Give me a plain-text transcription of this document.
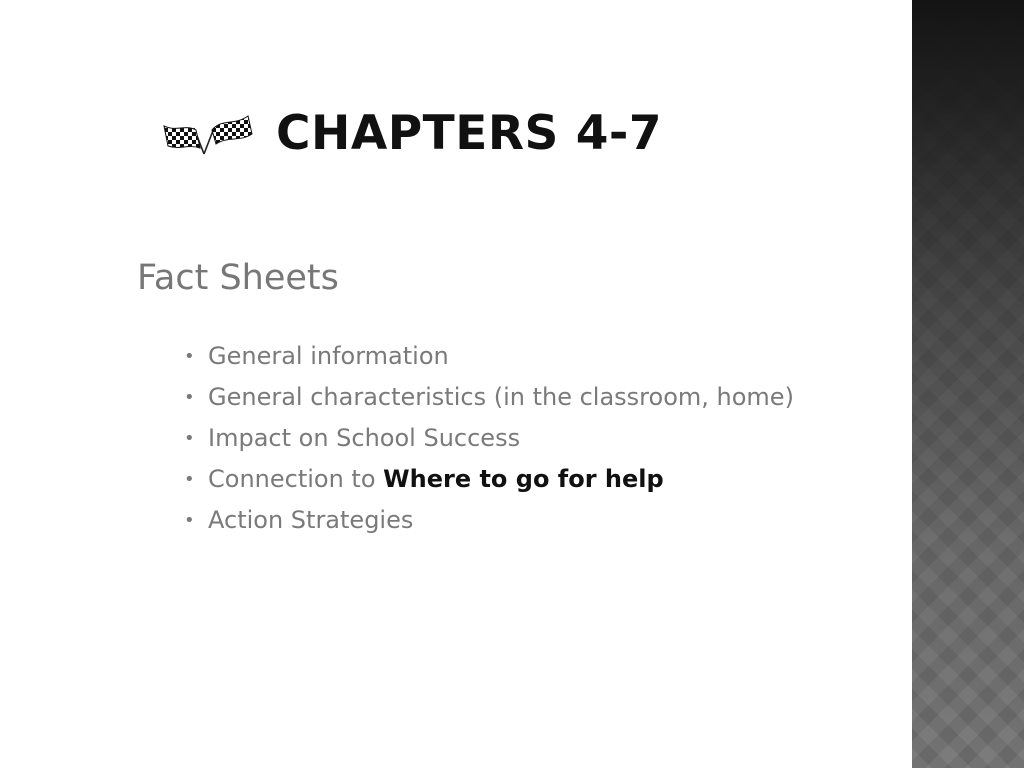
CHAPTERS 4-7
Fact Sheets
• General information
• General characteristics (in the classroom, home)
• Impact on School Success
• Connection to Where to go for help
• Action Strategies
